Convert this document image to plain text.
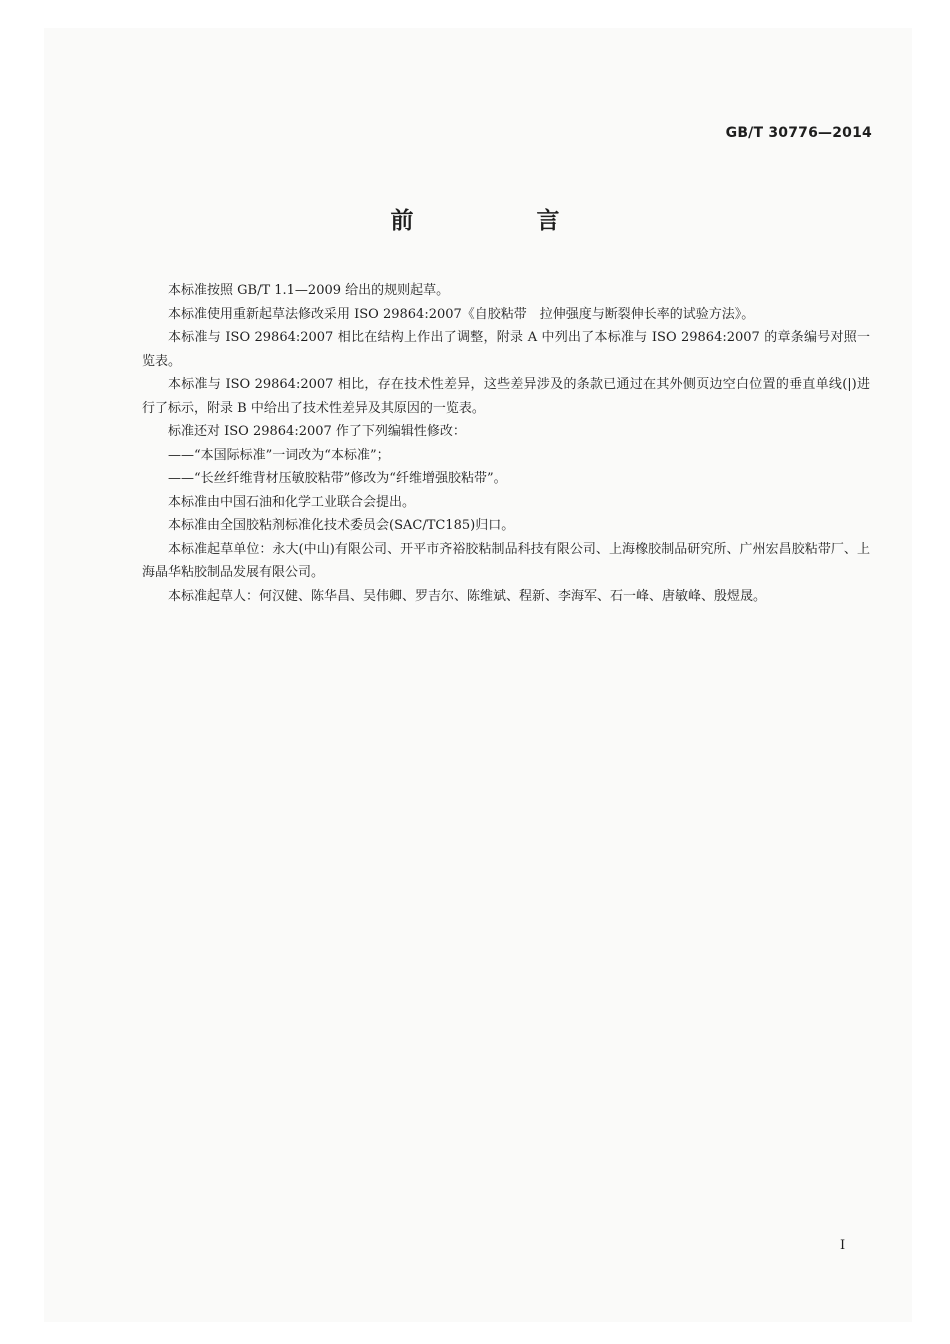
GB/T 30776—2014
前　言

本标准按照 GB/T 1.1—2009 给出的规则起草。

本标准使用重新起草法修改采用 ISO 29864:2007《自胶粘带　拉伸强度与断裂伸长率的试验方法》。

本标准与 ISO 29864:2007 相比在结构上作出了调整，附录 A 中列出了本标准与 ISO 29864:2007 的章条编号对照一览表。

本标准与 ISO 29864:2007 相比，存在技术性差异，这些差异涉及的条款已通过在其外侧页边空白位置的垂直单线(|)进行了标示，附录 B 中给出了技术性差异及其原因的一览表。

标准还对 ISO 29864:2007 作了下列编辑性修改：

——“本国际标准”一词改为“本标准”；

——“长丝纤维背材压敏胶粘带”修改为“纤维增强胶粘带”。

本标准由中国石油和化学工业联合会提出。

本标准由全国胶粘剂标准化技术委员会(SAC/TC185)归口。

本标准起草单位：永大(中山)有限公司、开平市齐裕胶粘制品科技有限公司、上海橡胶制品研究所、广州宏昌胶粘带厂、上海晶华粘胶制品发展有限公司。

本标准起草人：何汉健、陈华昌、吴伟卿、罗吉尔、陈维斌、程新、李海军、石一峰、唐敏峰、殷煜晟。

I
